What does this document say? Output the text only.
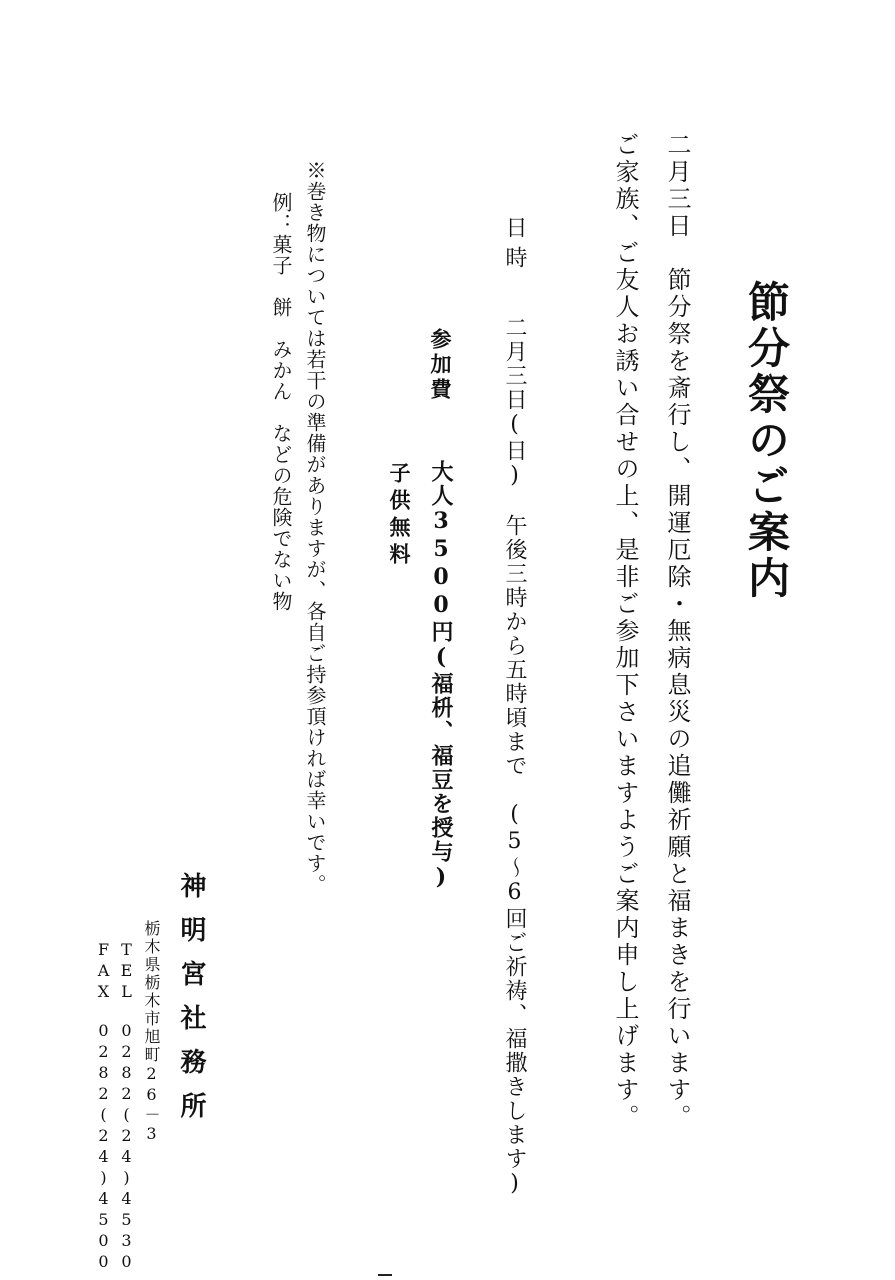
節分祭のご案内
二月三日　節分祭を斎行し、開運厄除・無病息災の追儺祈願と福まきを行います。
ご家族、ご友人お誘い合せの上、是非ご参加下さいますようご案内申し上げます。
日時
二月三日(日)　午後三時から五時頃まで　(5〜6回ご祈祷、福撒きします)
参加費
大人3500円(福枡、福豆を授与)
子供無料
※巻き物については若干の準備がありますが、各自ご持参頂ければ幸いです。
例：菓子　餅　みかん　などの危険でない物
神明宮社務所
栃木県栃木市旭町26－3
TEL　0282(24)4530
FAX　0282(24)4500
